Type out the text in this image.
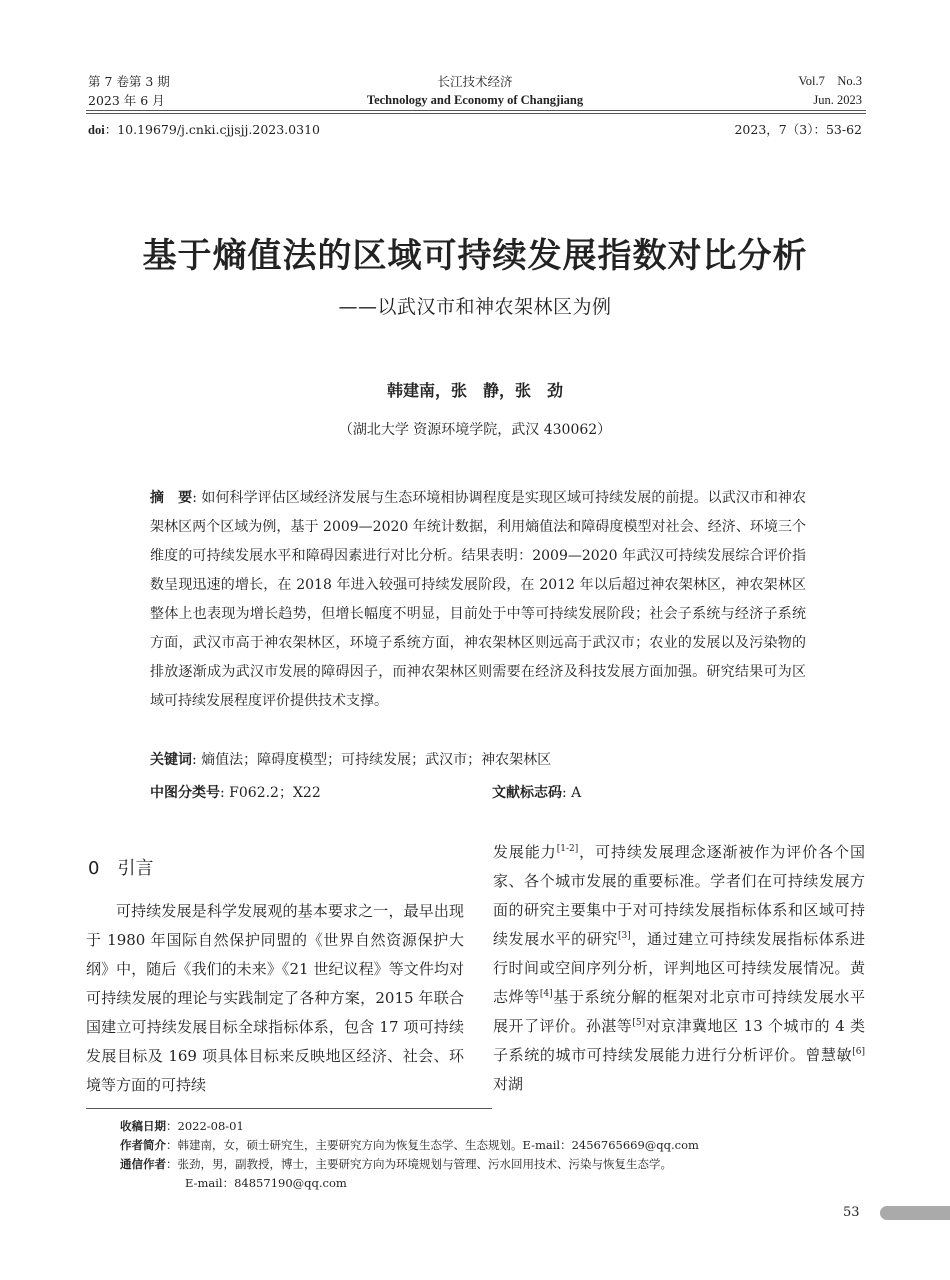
第 7 卷第 3 期
2023 年 6 月
长江技术经济
Technology and Economy of Changjiang
Vol.7　No.3
Jun. 2023
doi：10.19679/j.cnki.cjjsjj.2023.0310	2023，7（3）：53-62
基于熵值法的区域可持续发展指数对比分析
——以武汉市和神农架林区为例
韩建南，张　静，张　劲
（湖北大学 资源环境学院，武汉 430062）
摘　要: 如何科学评估区域经济发展与生态环境相协调程度是实现区域可持续发展的前提。以武汉市和神农架林区两个区域为例，基于 2009—2020 年统计数据，利用熵值法和障碍度模型对社会、经济、环境三个维度的可持续发展水平和障碍因素进行对比分析。结果表明：2009—2020 年武汉可持续发展综合评价指数呈现迅速的增长，在 2018 年进入较强可持续发展阶段，在 2012 年以后超过神农架林区，神农架林区整体上也表现为增长趋势，但增长幅度不明显，目前处于中等可持续发展阶段；社会子系统与经济子系统方面，武汉市高于神农架林区，环境子系统方面，神农架林区则远高于武汉市；农业的发展以及污染物的排放逐渐成为武汉市发展的障碍因子，而神农架林区则需要在经济及科技发展方面加强。研究结果可为区域可持续发展程度评价提供技术支撑。
关键词: 熵值法；障碍度模型；可持续发展；武汉市；神农架林区
中图分类号: F062.2；X22	文献标志码: A
0　引言

可持续发展是科学发展观的基本要求之一，最早出现于 1980 年国际自然保护同盟的《世界自然资源保护大纲》中，随后《我们的未来》《21 世纪议程》等文件均对可持续发展的理论与实践制定了各种方案，2015 年联合国建立可持续发展目标全球指标体系，包含 17 项可持续发展目标及 169 项具体目标来反映地区经济、社会、环境等方面的可持续

发展能力[1-2]，可持续发展理念逐渐被作为评价各个国家、各个城市发展的重要标准。学者们在可持续发展方面的研究主要集中于对可持续发展指标体系和区域可持续发展水平的研究[3]，通过建立可持续发展指标体系进行时间或空间序列分析，评判地区可持续发展情况。黄志烨等[4]基于系统分解的框架对北京市可持续发展水平展开了评价。孙湛等[5]对京津冀地区 13 个城市的 4 类子系统的城市可持续发展能力进行分析评价。曾慧敏[6]对湖

收稿日期：2022-08-01
作者简介：韩建南，女，硕士研究生，主要研究方向为恢复生态学、生态规划。E-mail：2456765669@qq.com
通信作者：张劲，男，副教授，博士，主要研究方向为环境规划与管理、污水回用技术、污染与恢复生态学。
E-mail：84857190@qq.com
53
